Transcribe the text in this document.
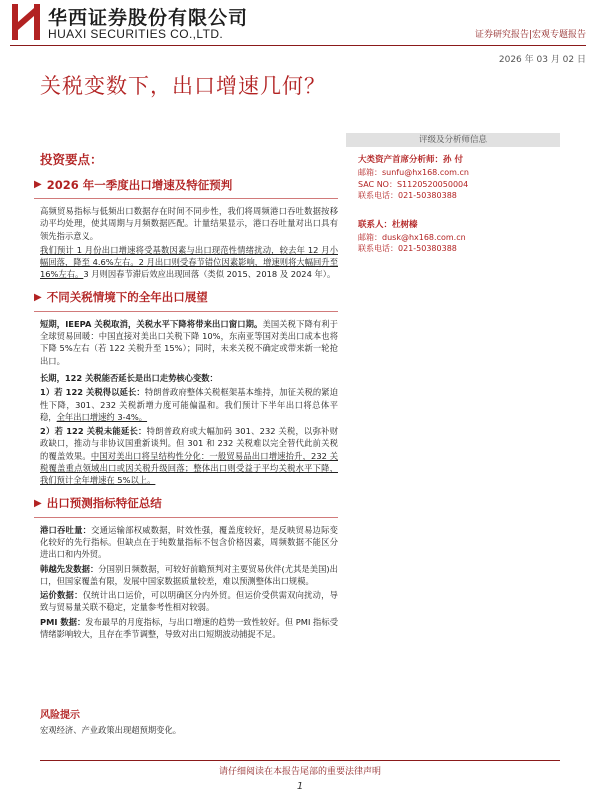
华西证券股份有限公司
HUAXI SECURITIES CO.,LTD.	证券研究报告|宏观专题报告
2026 年 03 月 02 日
关税变数下，出口增速几何？
投资要点：
▶ 2026 年一季度出口增速及特征预判

高频贸易指标与低频出口数据存在时间不同步性，我们将周频港口吞吐数据按移动平均处理，使其周期与月频数据匹配。计量结果显示，港口吞吐量对出口具有领先指示意义。

我们预计 1 月份出口增速将受基数因素与出口现范性情绪扰动，较去年 12 月小幅回落，降至 4.6%左右。2 月出口则受春节错位因素影响，增速则将大幅回升至 16%左右。3 月则因春节滞后效应出现回落（类似 2015、2018 及 2024 年）。

▶ 不同关税情境下的全年出口展望

短期，IEEPA 关税取消，关税水平下降将带来出口窗口期。美国关税下降有利于全球贸易回暖：中国直接对美出口关税下降 10%，东南亚等国对美出口成本也将下降 5%左右（若 122 关税升至 15%）；同时，未来关税不确定或带来新一轮抢出口。

长期，122 关税能否延长是出口走势核心变数：

1）若 122 关税得以延长：特朗普政府整体关税框架基本维持，加征关税的紧迫性下降，301、232 关税新增力度可能偏温和。我们预计下半年出口将总体平稳，全年出口增速约 3-4%。

2）若 122 关税未能延长：特朗普政府或大幅加码 301、232 关税，以弥补财政缺口，推动与非协议国重新谈判。但 301 和 232 关税难以完全替代此前关税的覆盖效果。中国对美出口将呈结构性分化：一般贸易品出口增速抬升，232 关税覆盖重点领域出口或因关税升级回落；整体出口则受益于平均关税水平下降，我们预计全年增速在 5%以上。

▶ 出口预测指标特征总结

港口吞吐量：交通运输部权威数据，时效性强，覆盖度较好，是反映贸易边际变化较好的先行指标。但缺点在于纯数量指标不包含价格因素，周频数据不能区分进出口和内外贸。

韩越先发数据：分国别日频数据，可较好前瞻预判对主要贸易伙伴(尤其是美国)出口，但国家覆盖有限，发展中国家数据质量较差，难以预测整体出口规模。

运价数据：仅统计出口运价，可以明确区分内外贸。但运价受供需双向扰动，导致与贸易量关联不稳定，定量参考性相对较弱。

PMI 数据：发布最早的月度指标，与出口增速的趋势一致性较好。但 PMI 指标受情绪影响较大，且存在季节调整，导致对出口短期波动捕捉不足。

评级及分析师信息
大类资产首席分析师：孙 付
邮箱：sunfu@hx168.com.cn
SAC NO：S1120520050004
联系电话：021-50380388
联系人：杜树榛
邮箱：dusk@hx168.com.cn
联系电话：021-50380388
风险提示
宏观经济、产业政策出现超预期变化。
请仔细阅读在本报告尾部的重要法律声明
1
